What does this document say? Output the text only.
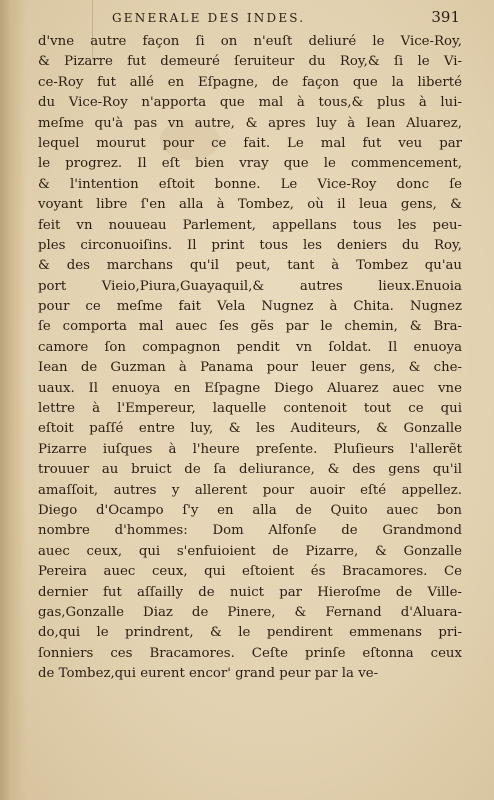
GENERALE DES INDES.	391
d'vne autre façon ſi on n'euſt deliuré le Vice-Roy,
& Pizarre fut demeuré ſeruiteur du Roy,& ſi le Vi-
ce-Roy fut allé en Eſpagne, de façon que la liberté
du Vice-Roy n'apporta que mal à tous,& plus à lui-
meſme qu'à pas vn autre, & apres luy à Iean Aluarez,
lequel mourut pour ce fait. Le mal fut veu par
le progrez. Il eſt bien vray que le commencement,
& l'intention eſtoit bonne. Le Vice-Roy donc ſe
voyant libre ſ'en alla à Tombez, où il leua gens, &
feit vn nouueau Parlement, appellans tous les peu-
ples circonuoiſins. Il print tous les deniers du Roy,
& des marchans qu'il peut, tant à Tombez qu'au
port Vieio,Piura,Guayaquil,& autres lieux.Enuoia
pour ce meſme fait Vela Nugnez à Chita. Nugnez
ſe comporta mal auec ſes gẽs par le chemin, & Bra-
camore ſon compagnon pendit vn ſoldat. Il enuoya
Iean de Guzman à Panama pour leuer gens, & che-
uaux. Il enuoya en Eſpagne Diego Aluarez auec vne
lettre à l'Empereur, laquelle contenoit tout ce qui
eſtoit paſſé entre luy, & les Auditeurs, & Gonzalle
Pizarre iuſques à l'heure preſente. Pluſieurs l'allerẽt
trouuer au bruict de ſa deliurance, & des gens qu'il
amaſſoit, autres y allerent pour auoir eſté appellez.
Diego d'Ocampo ſ'y en alla de Quito auec bon
nombre d'hommes: Dom Alfonſe de Grandmond
auec ceux, qui s'enfuioient de Pizarre, & Gonzalle
Pereira auec ceux, qui eſtoient és Bracamores. Ce
dernier fut aſſailly de nuict par Hieroſme de Ville-
gas,Gonzalle Diaz de Pinere, & Fernand d'Aluara-
do,qui le prindrent, & le pendirent emmenans pri-
ſonniers ces Bracamores. Ceſte prinſe eſtonna ceux
de Tombez,qui eurent encor' grand peur par la ve-
